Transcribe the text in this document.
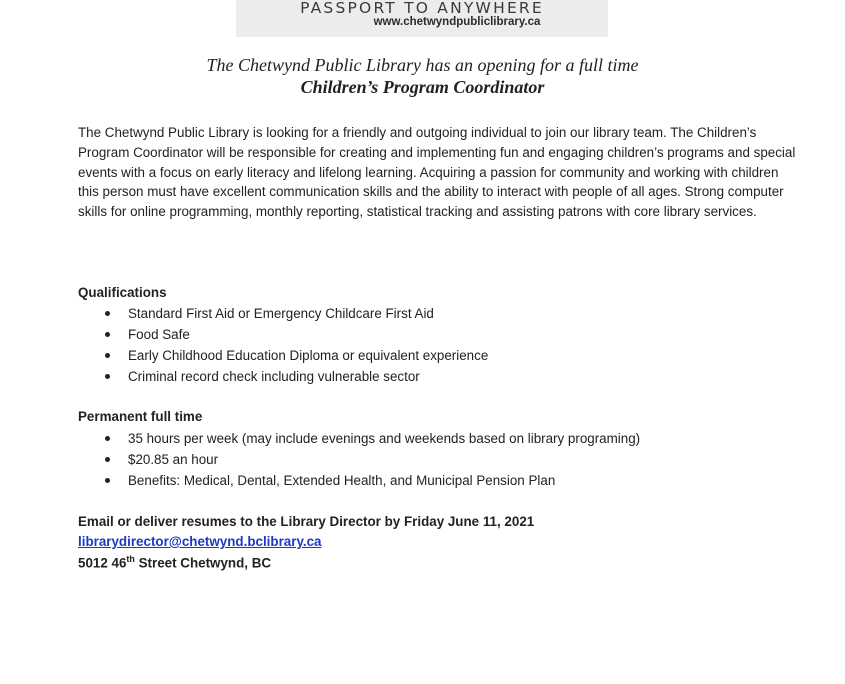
PASSPORT TO ANYWHERE
www.chetwyndpubliclibrary.ca
The Chetwynd Public Library has an opening for a full time
Children’s Program Coordinator
The Chetwynd Public Library is looking for a friendly and outgoing individual to join our library team. The Children’s Program Coordinator will be responsible for creating and implementing fun and engaging children’s programs and special events with a focus on early literacy and lifelong learning. Acquiring a passion for community and working with children this person must have excellent communication skills and the ability to interact with people of all ages. Strong computer skills for online programming, monthly reporting, statistical tracking and assisting patrons with core library services.
Qualifications
Standard First Aid or Emergency Childcare First Aid
Food Safe
Early Childhood Education Diploma or equivalent experience
Criminal record check including vulnerable sector
Permanent full time
35 hours per week (may include evenings and weekends based on library programing)
$20.85 an hour
Benefits: Medical, Dental, Extended Health, and Municipal Pension Plan
Email or deliver resumes to the Library Director by Friday June 11, 2021
librarydirector@chetwynd.bclibrary.ca
5012 46th Street Chetwynd, BC
